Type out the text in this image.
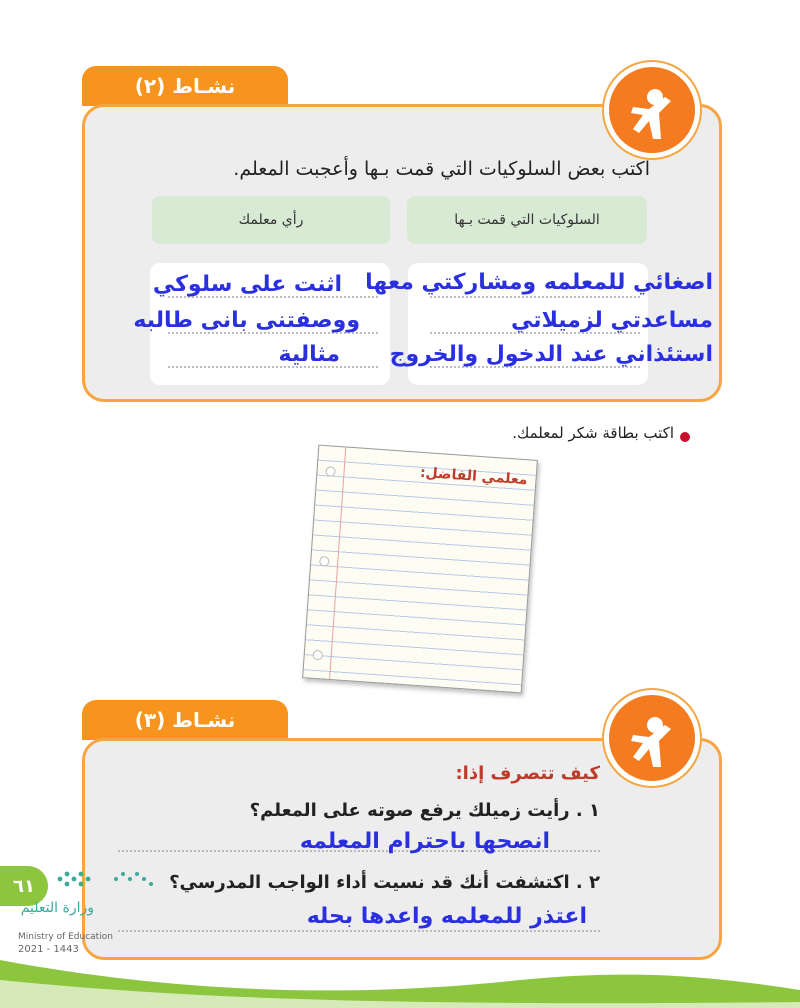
نشـاط (٢)
اكتب بعض السلوكيات التي قمت بـها وأعجبت المعلم.
السلوكيات التي قمت بـها
رأي معلمك
اصغائي للمعلمه ومشاركتي معها
مساعدتي لزميلاتي
استئذاني عند الدخول والخروج
اثنت على سلوكي
ووصفتنى بانى طالبه
مثالية
اكتب بطاقة شكر لمعلمك.
معلمي الفاضل:
نشـاط (٣)
كيف تتصرف إذا:
١ . رأيت زميلك يرفع صوته على المعلم؟
انصحها باحترام المعلمه
٢ . اكتشفت أنك قد نسيت أداء الواجب المدرسي؟
اعتذر للمعلمه واعدها بحله
٦١
وزارة التعليم
Ministry of Education
2021 - 1443
